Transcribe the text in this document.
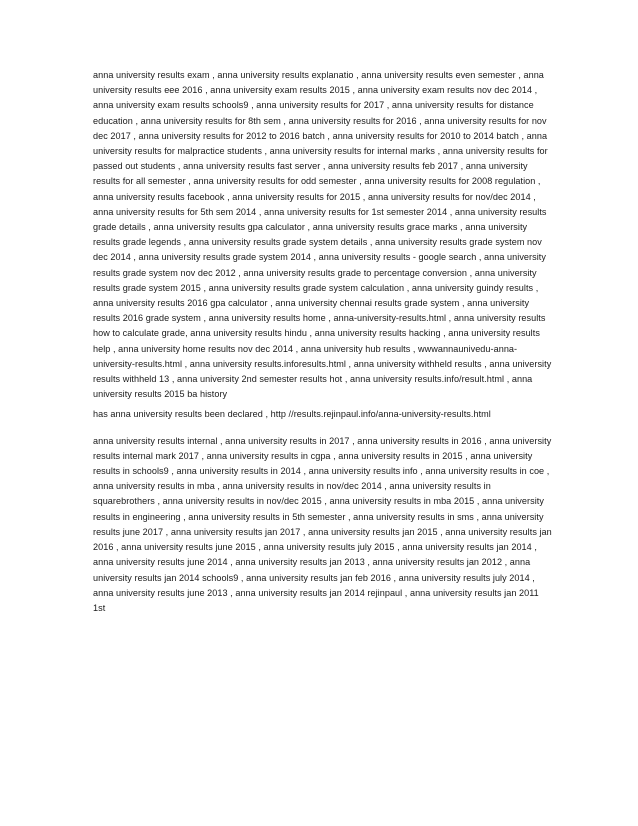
anna university results exam , anna university results explanatio , anna university results even semester , anna university results eee 2016 , anna university exam results 2015 , anna university exam results nov dec 2014 , anna university exam results schools9 , anna university results for 2017 , anna university results for distance education , anna university results for 8th sem , anna university results for 2016 , anna university results for nov dec 2017 , anna university results for 2012 to 2016 batch , anna university results for 2010 to 2014 batch , anna university results for malpractice students , anna university results for internal marks , anna university results for passed out students , anna university results fast server , anna university results feb 2017 , anna university results for all semester , anna university results for odd semester , anna university results for 2008 regulation , anna university results facebook , anna university results for 2015 , anna university results for nov/dec 2014 , anna university results for 5th sem 2014 , anna university results for 1st semester 2014 , anna university results grade details , anna university results gpa calculator , anna university results grace marks , anna university results grade legends , anna university results grade system details , anna university results grade system nov dec 2014 , anna university results grade system 2014 , anna university results - google search , anna university results grade system nov dec 2012 , anna university results grade to percentage conversion , anna university results grade system 2015 , anna university results grade system calculation , anna university guindy results , anna university results 2016 gpa calculator , anna university chennai results grade system , anna university results 2016 grade system , anna university results home , anna-university-results.html , anna university results how to calculate grade, anna university results hindu , anna university results hacking , anna university results help , anna university home results nov dec 2014 , anna university hub results , wwwannaunivedu-anna-university-results.html , anna university results.inforesults.html , anna university withheld results , anna university results withheld 13 , anna university 2nd semester results hot , anna university results.info/result.html , anna university results 2015 ba history

has anna university results been declared , http //results.rejinpaul.info/anna-university-results.html

anna university results internal , anna university results in 2017 , anna university results in 2016 , anna university results internal mark 2017 , anna university results in cgpa , anna university results in 2015 , anna university results in schools9 , anna university results in 2014 , anna university results info , anna university results in coe , anna university results in mba , anna university results in nov/dec 2014 , anna university results in squarebrothers , anna university results in nov/dec 2015 , anna university results in mba 2015 , anna university results in engineering , anna university results in 5th semester , anna university results in sms , anna university results june 2017 , anna university results jan 2017 , anna university results jan 2015 , anna university results jan 2016 , anna university results june 2015 , anna university results july 2015 , anna university results jan 2014 , anna university results june 2014 , anna university results jan 2013 , anna university results jan 2012 , anna university results jan 2014 schools9 , anna university results jan feb 2016 , anna university results july 2014 , anna university results june 2013 , anna university results jan 2014 rejinpaul , anna university results jan 2011 1st
